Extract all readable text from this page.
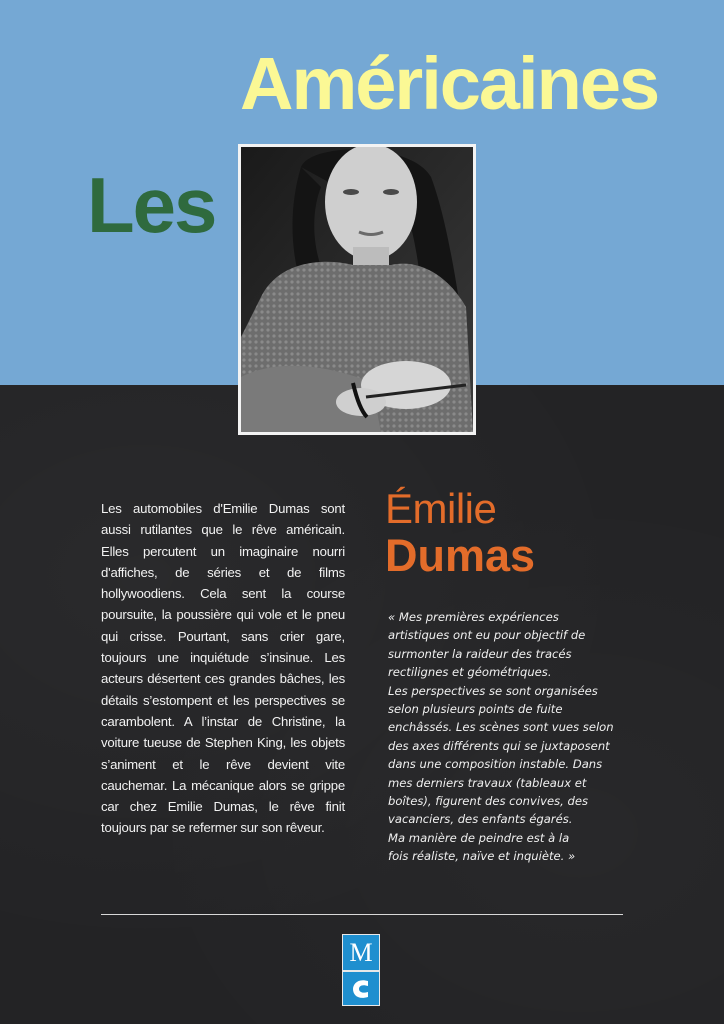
Américaines
Les
Les automobiles d'Emilie Dumas sont aussi rutilantes que le rêve américain. Elles percutent un imaginaire nourri d'affiches, de séries et de films hollywoodiens. Cela sent la course poursuite, la poussière qui vole et le pneu qui crisse. Pourtant, sans crier gare, toujours une inquiétude s’insinue. Les acteurs désertent ces grandes bâches, les détails s’estompent et les perspectives se carambolent. A l’instar de Christine, la voiture tueuse de Stephen King, les objets s’animent et le rêve devient vite cauchemar. La mécanique alors se grippe car chez Emilie Dumas, le rêve finit toujours par se refermer sur son rêveur.
Émilie
Dumas
« Mes premières expériences
artistiques ont eu pour objectif de
surmonter la raideur des tracés
rectilignes et géométriques.
Les perspectives se sont organisées
selon plusieurs points de fuite
enchâssés. Les scènes sont vues selon
des axes différents qui se juxtaposent
dans une composition instable. Dans
mes derniers travaux (tableaux et
boîtes), figurent des convives, des
vacanciers, des enfants égarés.
Ma manière de peindre est à la
fois réaliste, naïve et inquiète. »
M
